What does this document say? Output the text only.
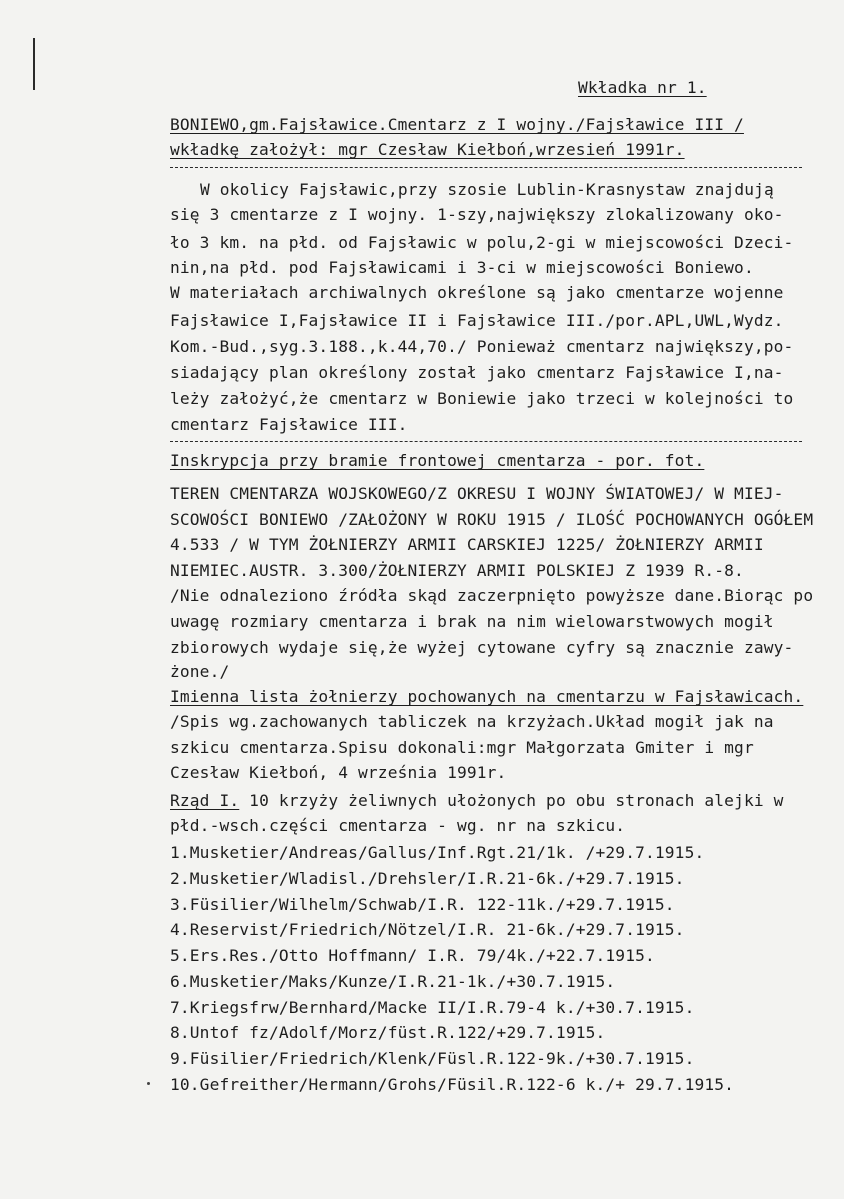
Wkładka nr 1.
BONIEWO,gm.Fajsławice.Cmentarz z I wojny./Fajsławice III /
wkładkę założył: mgr Czesław Kiełboń,wrzesień 1991r.
W okolicy Fajsławic,przy szosie Lublin-Krasnystaw znajdują
się 3 cmentarze z I wojny. 1-szy,największy zlokalizowany oko-
ło 3 km. na płd. od Fajsławic w polu,2-gi w miejscowości Dzeci-
nin,na płd. pod Fajsławicami i 3-ci w miejscowości Boniewo.
W materiałach archiwalnych określone są jako cmentarze wojenne
Fajsławice I,Fajsławice II i Fajsławice III./por.APL,UWL,Wydz.
Kom.-Bud.,syg.3.188.,k.44,70./ Ponieważ cmentarz największy,po-
siadający plan określony został jako cmentarz Fajsławice I,na-
leży założyć,że cmentarz w Boniewie jako trzeci w kolejności to
cmentarz Fajsławice III.
Inskrypcja przy bramie frontowej cmentarza - por. fot.
TEREN CMENTARZA WOJSKOWEGO/Z OKRESU I WOJNY ŚWIATOWEJ/ W MIEJ-
SCOWOŚCI BONIEWO /ZAŁOŻONY W ROKU 1915 / ILOŚĆ POCHOWANYCH OGÓŁEM
4.533 / W TYM ŻOŁNIERZY ARMII CARSKIEJ 1225/ ŻOŁNIERZY ARMII
NIEMIEC.AUSTR. 3.300/ŻOŁNIERZY ARMII POLSKIEJ Z 1939 R.-8.
/Nie odnaleziono źródła skąd zaczerpnięto powyższe dane.Biorąc po
uwagę rozmiary cmentarza i brak na nim wielowarstwowych mogił
zbiorowych wydaje się,że wyżej cytowane cyfry są znacznie zawy-
żone./
Imienna lista żołnierzy pochowanych na cmentarzu w Fajsławicach.
/Spis wg.zachowanych tabliczek na krzyżach.Układ mogił jak na
szkicu cmentarza.Spisu dokonali:mgr Małgorzata Gmiter i mgr
Czesław Kiełboń, 4 września 1991r.
Rząd I. 10 krzyży żeliwnych ułożonych po obu stronach alejki w
płd.-wsch.części cmentarza - wg. nr na szkicu.
1.Musketier/Andreas/Gallus/Inf.Rgt.21/1k. /+29.7.1915.
2.Musketier/Wladisl./Drehsler/I.R.21-6k./+29.7.1915.
3.Füsilier/Wilhelm/Schwab/I.R. 122-11k./+29.7.1915.
4.Reservist/Friedrich/Nötzel/I.R. 21-6k./+29.7.1915.
5.Ers.Res./Otto Hoffmann/ I.R. 79/4k./+22.7.1915.
6.Musketier/Maks/Kunze/I.R.21-1k./+30.7.1915.
7.Kriegsfrw/Bernhard/Macke II/I.R.79-4 k./+30.7.1915.
8.Untof fz/Adolf/Morz/füst.R.122/+29.7.1915.
9.Füsilier/Friedrich/Klenk/Füsl.R.122-9k./+30.7.1915.
10.Gefreither/Hermann/Grohs/Füsil.R.122-6 k./+ 29.7.1915.
